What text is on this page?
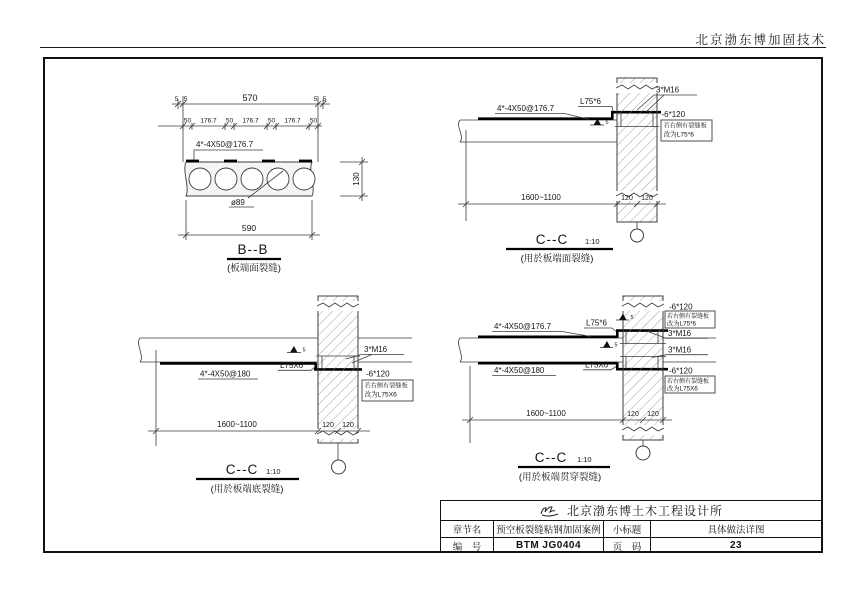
北京渤东博加固技术
5 5	570	5 5
50 176.7 50 176.7 50 176.7 50
4*-4X50@176.7
ø89
130
590
B--B
(板端面裂缝)
若右侧有裂缝板
改为L75*6
4*-4X50@176.7
L75*6
5
3*M16
-6*120
1600~1100	120 120
C--C 1:10
(用於板端面裂缝)
若右侧有裂缝板
改为L75X6
3*M16
-6*120
L75X6
4*-4X50@180
5
1600~1100	120 120
C--C 1:10
(用於板端底裂缝)
-6*120
若右侧有裂缝板
改为L75*6
3*M16
3*M16
4*-4X50@176.7	L75*6
5
4*-4X50@180
L75X6
5
-6*120
若右侧有裂缝板
改为L75X6
1600~1100	120 120
C--C 1:10
(用於板端贯穿裂缝)
北京渤东博土木工程设计所
章节名	预空板裂缝粘钢加固案例	小标题	具体做法详图
编　号	BTM JG0404	页　码	23
